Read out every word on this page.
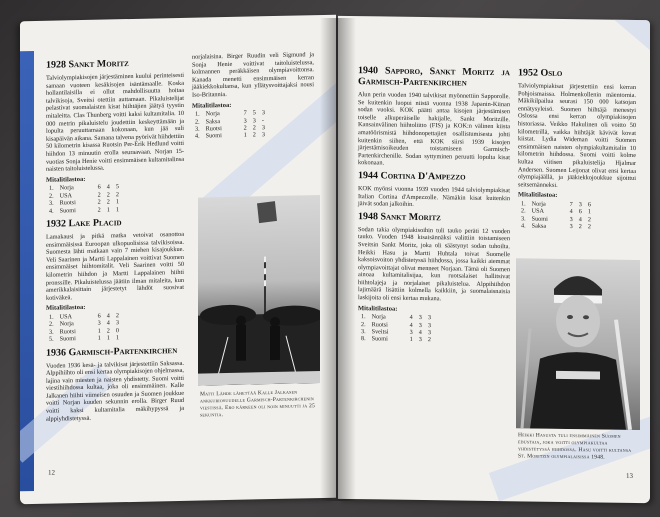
1928 Sankt Moritz

Talviolympiakisojen järjestäminen kuului perinteisesti samaan vuoteen kesäkisojen isäntämaalle. Koska hollantilaisilla ei ollut mahdollisuutta hoitaa talvikisoja, Sveitsi otettiin auttamaan. Pikaluistelijat pelastivat suomalaisten kisat hiihtäjien jäätyä tyystin mitaleitta. Clas Thunberg voitti kaksi kultamitalia. 10 000 metrin pikaluistelu joudettiin keskeyttämään ja lopulta peruuttamaan kokonaan, kun jää suli kisapäivän aikana. Samana talvena pyörivät hiihdettiin 50 kilometrin kisassa Ruotsin Per-Erik Hedlund voitti hiihdon 13 minuutin erolla seuraavaan. Norjan 15-vuotias Sonja Henie voitti ensimmäisen kultamitalinsa naisten taitoluistelussa.

Mitalitilastoa:
1.	Norja	6	4	5
2.	USA	2	2	2
3.	Ruotsi	2	2	1
4.	Suomi	2	1	1
1932 Lake Placid

Lamakausi ja pitkä matka vetoivat osanottoa ensimmäisissä Euroopan ulkopuolisissa talvikisoissa. Suomesta lähti matkaan vain 7 miehen kisajoukkue. Veli Saarinen ja Martti Lappalainen voittivat Suomen ensimmäiset hiihtomitalit. Veli Saarinen voitti 50 kilometrin hiihdon ja Martti Lappalainen hiihti pronssille. Pikaluistelussa jäätiin ilman mitaleita, kun amerikkalaisittain järjestetyt lähdöt suosivat kotiväkeä.

Mitalitilastoa:
1.	USA	6	4	2
2.	Norja	3	4	3
3.	Ruotsi	1	2	0
5.	Suomi	1	1	1
1936 Garmisch-Partenkirchen

Vuoden 1936 kesä- ja talvikisat järjestettiin Saksassa. Alppihiihto oli ensi kertaa olympiakisojen ohjelmassa, lajina vain miesten ja naisten yhdistetty. Suomi voitti viestihiihdossa kultaa, joka oli ensimmäinen. Kalle Jalkanen hiihti viimeisen osuuden ja Suomen joukkue voitti Norjan kuuden sekunnin erolla. Birger Ruud voitti kaksi kultamitalia mäkihypyssä ja alppiyhdistetyssä.

norjalaisina. Birger Ruudin veli Sigmund ja Sonja Henie voittivat taitoluistelussa, kolmannen peräkkäisen olympiavoittonsa. Kanada menetti ensimmäisen kerran jääkiekkokultansa, kun yllätysvoittajaksi nousi Iso-Britannia.

Mitalitilastoa:
1.	Norja	7	5	3
2.	Saksa	3	3	-
3.	Ruotsi	2	2	3
4.	Suomi	1	2	3
Matti Lähde lähettää Kalle Jalkasen ankkuriosuudelle Garmisch-Partenkirchenin viestissä. Ero kärkeen oli noin minuutti ja 25 sekuntia.
12
1940 Sapporo, Sankt Moritz ja Garmisch-Partenkirchen

Alun perin vuoden 1940 talvikisat myönnettiin Sapporolle. Se kuitenkin luopui niistä vuonna 1938 Japanin-Kiinan sodan vuoksi. KOK päätti antaa kisojen järjestämisen toiselle alkuperäiselle hakijalle, Sankt Moritzille. Kansainvälinen hiihtoliitto (FIS) ja KOK:n välinen kiista amatöörismistä hiihdonopettajien osallistumisesta johti kuitenkin siihen, että KOK siirsi 1939 kisojen järjestämisoikeuden toistamiseen Garmisch-Partenkirchenille. Sodan syttyminen peruutti lopulta kisat kokonaan.

1944 Cortina D'Ampezzo

KOK myönsi vuonna 1939 vuoden 1944 talviolympiakisat Italian Cortina d'Ampezzolle. Nämäkin kisat kuitenkin jäivät sodan jalkoihin.

1948 Sankt Moritz

Sodan takia olympiakisoihin tuli tauko peräti 12 vuoden tauko. Vuoden 1948 kisaisännäksi valittiin toistamiseen Sveitsin Sankt Moritz, joka oli säästynyt sodan tuhoilta. Heikki Hasu ja Martti Huhtala toivat Suomelle kaksoisvoiton yhdistetyssä hiihdossa, jossa kaikki aiemmat olympiavoittajat olivat menneet Norjaan. Tämä oli Suomen ainoaa kultamitalisijaa, kun ruotsalaiset hallitsivat hiihtolajeja ja norjalaiset pikaluistelua. Alppihiihdon lajimäärä lisättiin kolmella kaikkiin, ja suomalaisnaisia laskijoita oli ensi kertaa mukana.

Mitalitilastoa:
1.	Norja	4	3	3
2.	Ruotsi	4	3	3
3.	Sveitsi	3	4	3
8.	Suomi	1	3	2
1952 Oslo

Talviolympiakisat järjestettiin ensi kerran Pohjoismaissa. Holmenkollenin mäentornia. Mäkikilpailua seurasi 150 000 katsojan ennätysyleisö. Suomen hiihtäjä menestyi Oslossa ensi kerran olympiakisojen historiassa. Veikko Hakulinen oli voitto 50 kilometrillä, vaikka hiihtäjät kävivät kovat kiistat. Lydia Wideman voitti Suomen ensimmäisen naisten olympiakultamitalin 10 kilometrin hiihdossa. Suomi voitti kolme kultaa viitisen pikaluistelija Hjalmar Andersen. Suomen Leijonat olivat ensi kertaa olympiajäällä, ja jääkiekkojoukkue sijoittui seitsemänneksi.

Mitalitilastoa:
1.	Norja	7	3	6
2.	USA	4	6	1
3.	Suomi	3	4	2
4.	Saksa	3	2	2
Heikki Hasusta tuli ensimmäinen Suomen edustaja, joka voitti olympiakultaa yhdistetyssä hiihdossa. Hasu voitti kultansa St. Moritzin olympialaisissa 1948.
13
